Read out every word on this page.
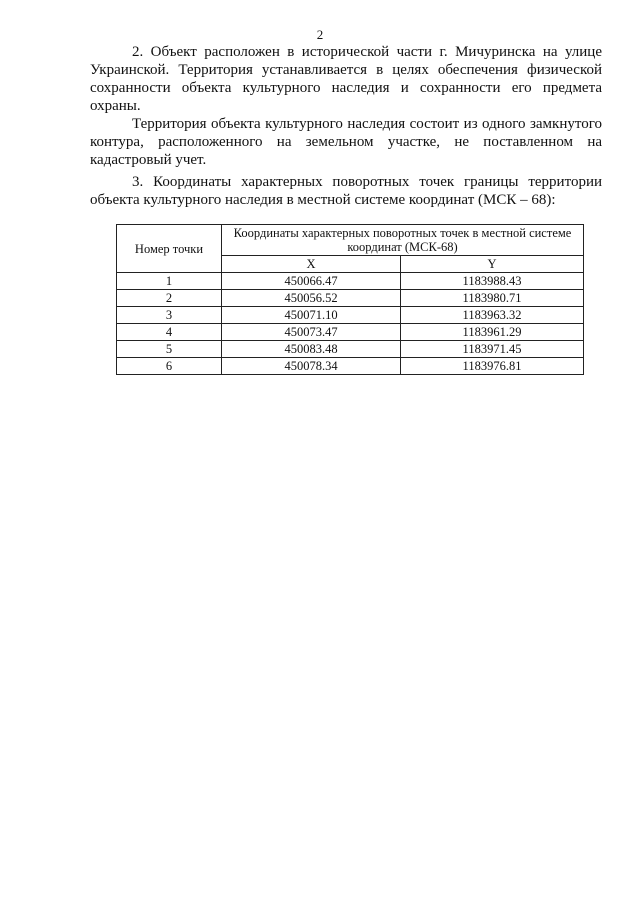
2

2. Объект расположен в исторической части г. Мичуринска на улице Украинской. Территория устанавливается в целях обеспечения физической сохранности объекта культурного наследия и сохранности его предмета охраны.

Территория объекта культурного наследия состоит из одного замкнутого контура, расположенного на земельном участке, не поставленном на кадастровый учет.

3. Координаты характерных поворотных точек границы территории объекта культурного наследия в местной системе координат (МСК – 68):

Номер точки	Координаты характерных поворотных точек в местной системе координат (МСК-68)	
	X	Y
1	450066.47	1183988.43
2	450056.52	1183980.71
3	450071.10	1183963.32
4	450073.47	1183961.29
5	450083.48	1183971.45
6	450078.34	1183976.81
